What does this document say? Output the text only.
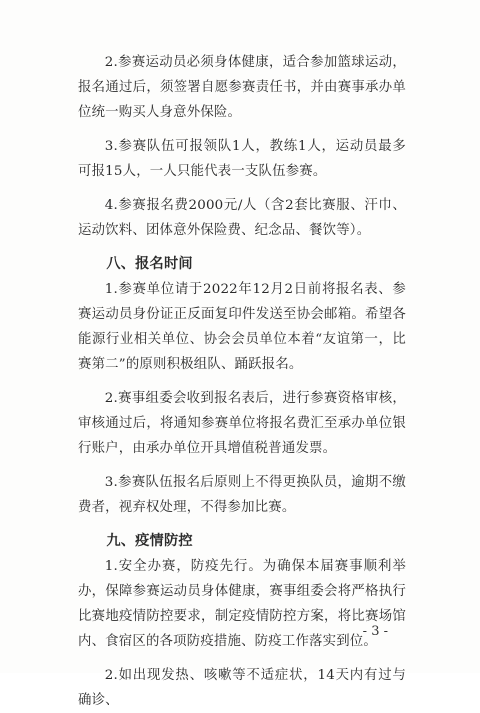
2.参赛运动员必须身体健康，适合参加篮球运动，报名通过后，须签署自愿参赛责任书，并由赛事承办单位统一购买人身意外保险。

3.参赛队伍可报领队1人，教练1人，运动员最多可报15人，一人只能代表一支队伍参赛。

4.参赛报名费2000元/人（含2套比赛服、汗巾、运动饮料、团体意外保险费、纪念品、餐饮等）。

八、报名时间

1.参赛单位请于2022年12月2日前将报名表、参赛运动员身份证正反面复印件发送至协会邮箱。希望各能源行业相关单位、协会会员单位本着“友谊第一，比赛第二”的原则积极组队、踊跃报名。

2.赛事组委会收到报名表后，进行参赛资格审核，审核通过后，将通知参赛单位将报名费汇至承办单位银行账户，由承办单位开具增值税普通发票。

3.参赛队伍报名后原则上不得更换队员，逾期不缴费者，视弃权处理，不得参加比赛。

九、疫情防控

1.安全办赛，防疫先行。为确保本届赛事顺利举办，保障参赛运动员身体健康，赛事组委会将严格执行比赛地疫情防控要求，制定疫情防控方案，将比赛场馆内、食宿区的各项防疫措施、防疫工作落实到位。

2.如出现发热、咳嗽等不适症状，14天内有过与确诊、

- 3 -
